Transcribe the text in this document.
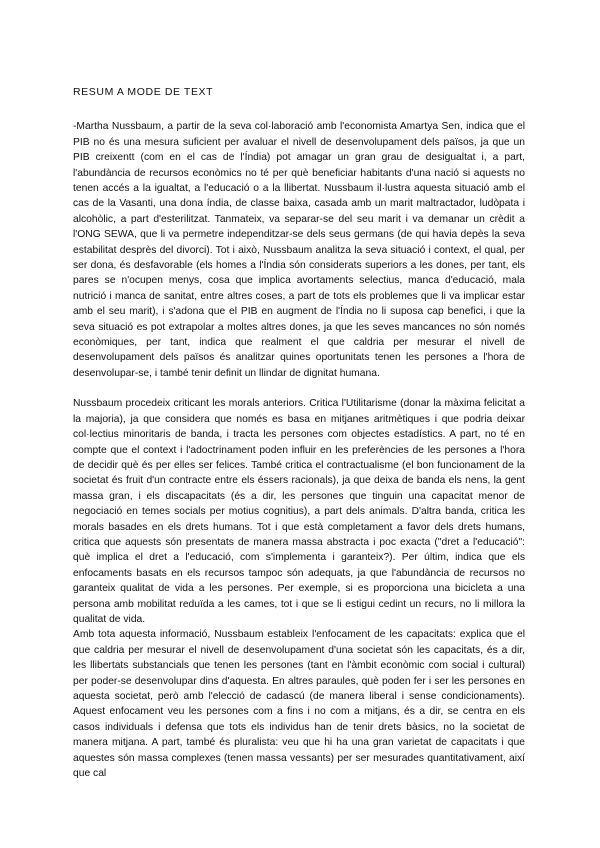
RESUM A MODE DE TEXT

-Martha Nussbaum, a partir de la seva col·laboració amb l'economista Amartya Sen, indica que el PIB no és una mesura suficient per avaluar el nivell de desenvolupament dels països, ja que un PIB creixentt (com en el cas de l'Índia) pot amagar un gran grau de desigualtat i, a part, l'abundància de recursos econòmics no té per què beneficiar habitants d'una nació si aquests no tenen accés a la igualtat, a l'educació o a la llibertat. Nussbaum il·lustra aquesta situació amb el cas de la Vasanti, una dona índia, de classe baixa, casada amb un marit maltractador, ludòpata i alcohòlic, a part d'esterilitzat. Tanmateix, va separar-se del seu marit i va demanar un crèdit a l'ONG SEWA, que li va permetre independitzar-se dels seus germans (de qui havia depès la seva estabilitat desprès del divorci). Tot i això, Nussbaum analitza la seva situació i context, el qual, per ser dona, és desfavorable (els homes a l'Índia són considerats superiors a les dones, per tant, els pares se n'ocupen menys, cosa que implica avortaments selectius, manca d'educació, mala nutrició i manca de sanitat, entre altres coses, a part de tots els problemes que li va implicar estar amb el seu marit), i s'adona que el PIB en augment de l'Índia no li suposa cap benefici, i que la seva situació es pot extrapolar a moltes altres dones, ja que les seves mancances no són només econòmiques, per tant, indica que realment el que caldria per mesurar el nivell de desenvolupament dels països és analitzar quines oportunitats tenen les persones a l'hora de desenvolupar-se, i també tenir definit un llindar de dignitat humana.

Nussbaum procedeix criticant les morals anteriors. Critica l'Utilitarisme (donar la màxima felicitat a la majoria), ja que considera que només es basa en mitjanes aritmètiques i que podria deixar col·lectius minoritaris de banda, i tracta les persones com objectes estadístics. A part, no té en compte que el context i l'adoctrinament poden influir en les preferències de les persones a l'hora de decidir què és per elles ser felices. També critica el contractualisme (el bon funcionament de la societat és fruit d'un contracte entre els éssers racionals), ja que deixa de banda els nens, la gent massa gran, i els discapacitats (és a dir, les persones que tinguin una capacitat menor de negociació en temes socials per motius cognitius), a part dels animals. D'altra banda, critica les morals basades en els drets humans. Tot i que està completament a favor dels drets humans, critica que aquests són presentats de manera massa abstracta i poc exacta ("dret a l'educació": què implica el dret a l'educació, com s'implementa i garanteix?). Per últim, indica que els enfocaments basats en els recursos tampoc són adequats, ja que l'abundància de recursos no garanteix qualitat de vida a les persones. Per exemple, si es proporciona una bicicleta a una persona amb mobilitat reduïda a les cames, tot i que se li estigui cedint un recurs, no li millora la qualitat de vida.

Amb tota aquesta informació, Nussbaum estableix l'enfocament de les capacitats: explica que el que caldria per mesurar el nivell de desenvolupament d'una societat són les capacitats, és a dir, les llibertats substancials que tenen les persones (tant en l'àmbit econòmic com social i cultural) per poder-se desenvolupar dins d'aquesta. En altres paraules, què poden fer i ser les persones en aquesta societat, però amb l'elecció de cadascú (de manera liberal i sense condicionaments). Aquest enfocament veu les persones com a fins i no com a mitjans, és a dir, se centra en els casos individuals i defensa que tots els individus han de tenir drets bàsics, no la societat de manera mitjana. A part, també és pluralista: veu que hi ha una gran varietat de capacitats i que aquestes són massa complexes (tenen massa vessants) per ser mesurades quantitativament, així que cal
